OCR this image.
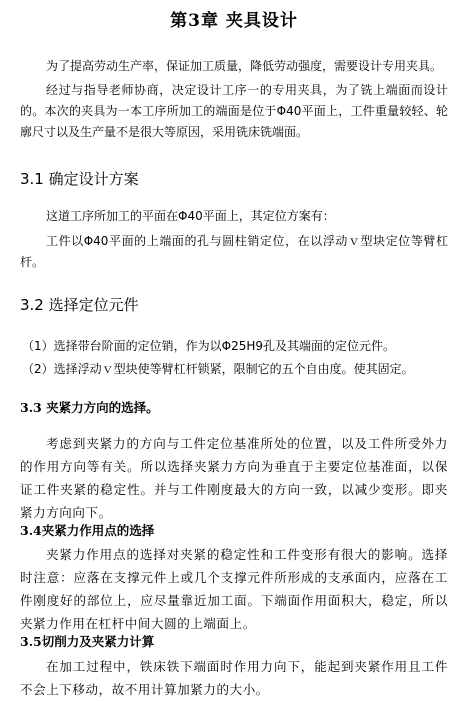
第3章 夹具设计

为了提高劳动生产率，保证加工质量，降低劳动强度，需要设计专用夹具。

经过与指导老师协商，决定设计工序一的专用夹具，为了铣上端面而设计的。本次的夹具为一本工序所加工的端面是位于Φ40平面上，工件重量较轻、轮廓尺寸以及生产量不是很大等原因，采用铣床铣端面。

3.1 确定设计方案

这道工序所加工的平面在Φ40平面上，其定位方案有：

工件以Φ40平面的上端面的孔与圆柱销定位，在以浮动ｖ型块定位等臂杠杆。

3.2 选择定位元件

（1）选择带台阶面的定位销，作为以Φ25H9孔及其端面的定位元件。

（2）选择浮动ｖ型块使等臂杠杆锁紧，限制它的五个自由度。使其固定。

3.3 夹紧力方向的选择。

考虑到夹紧力的方向与工件定位基准所处的位置，以及工件所受外力的作用方向等有关。所以选择夹紧力方向为垂直于主要定位基准面，以保证工件夹紧的稳定性。并与工件刚度最大的方向一致，以减少变形。即夹紧力方向向下。

3.4夹紧力作用点的选择

夹紧力作用点的选择对夹紧的稳定性和工件变形有很大的影响。选择时注意：应落在支撑元件上或几个支撑元件所形成的支承面内，应落在工件刚度好的部位上，应尽量靠近加工面。下端面作用面积大，稳定，所以夹紧力作用在杠杆中间大圆的上端面上。

3.5切削力及夹紧力计算

在加工过程中，铁床铁下端面时作用力向下，能起到夹紧作用且工件不会上下移动，故不用计算加紧力的大小。
